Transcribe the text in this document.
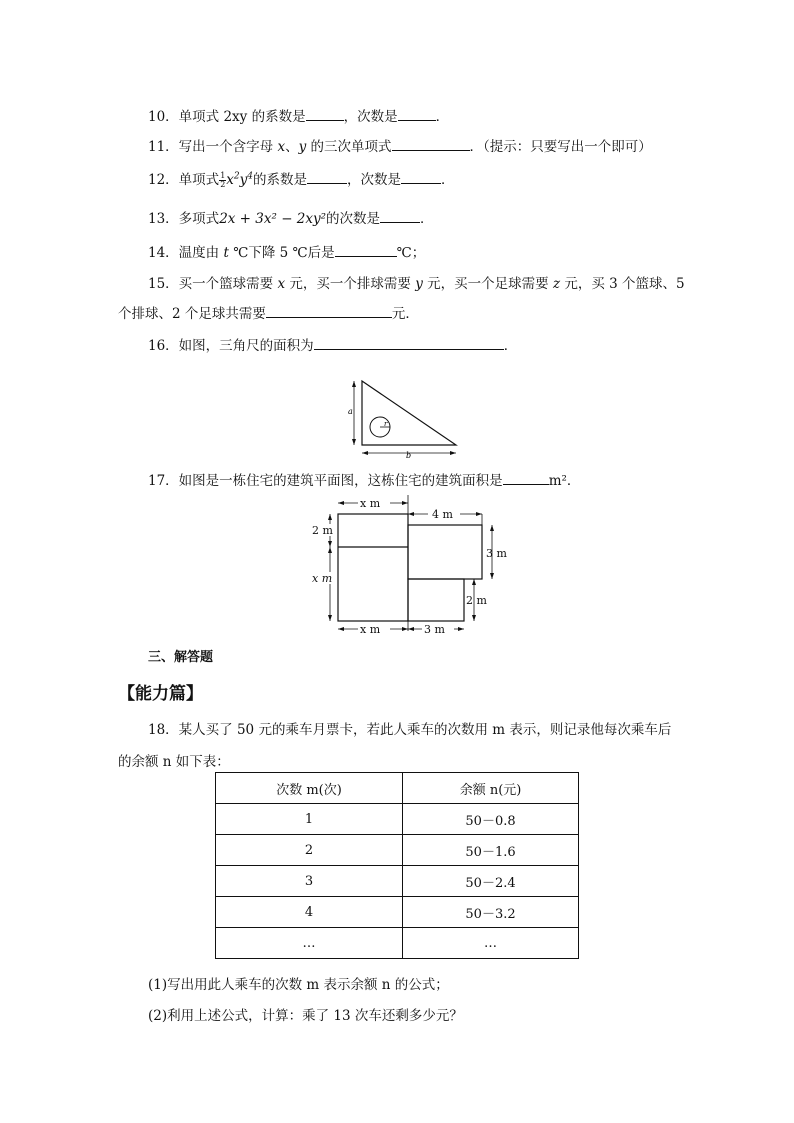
10．单项式 2xy 的系数是	，次数是	．
11．写出一个含字母 x、y 的三次单项式	．（提示：只要写出一个即可）
12．单项式 $\frac{1}{2} x^2y^4$的系数是	，次数是	．
13．多项式2x + 3x² − 2xy²的次数是	．
14．温度由 t ℃下降 5 ℃后是	℃；
15．买一个篮球需要 x 元，买一个排球需要 y 元，买一个足球需要 z 元，买 3 个篮球、5
个排球、2 个足球共需要	元．
16．如图，三角尺的面积为	．
r
a
b
17．如图是一栋住宅的建筑平面图，这栋住宅的建筑面积是	m²．
x m
4 m
2 m
x m
3 m
2 m
x m	3 m
三、解答题
【能力篇】
18．某人买了 50 元的乘车月票卡，若此人乘车的次数用 m 表示，则记录他每次乘车后
的余额 n 如下表：
次数 m(次)	余额 n(元)
1	50－0.8
2	50－1.6
3	50－2.4
4	50－3.2
…	…
(1)写出用此人乘车的次数 m 表示余额 n 的公式；
(2)利用上述公式，计算：乘了 13 次车还剩多少元？
